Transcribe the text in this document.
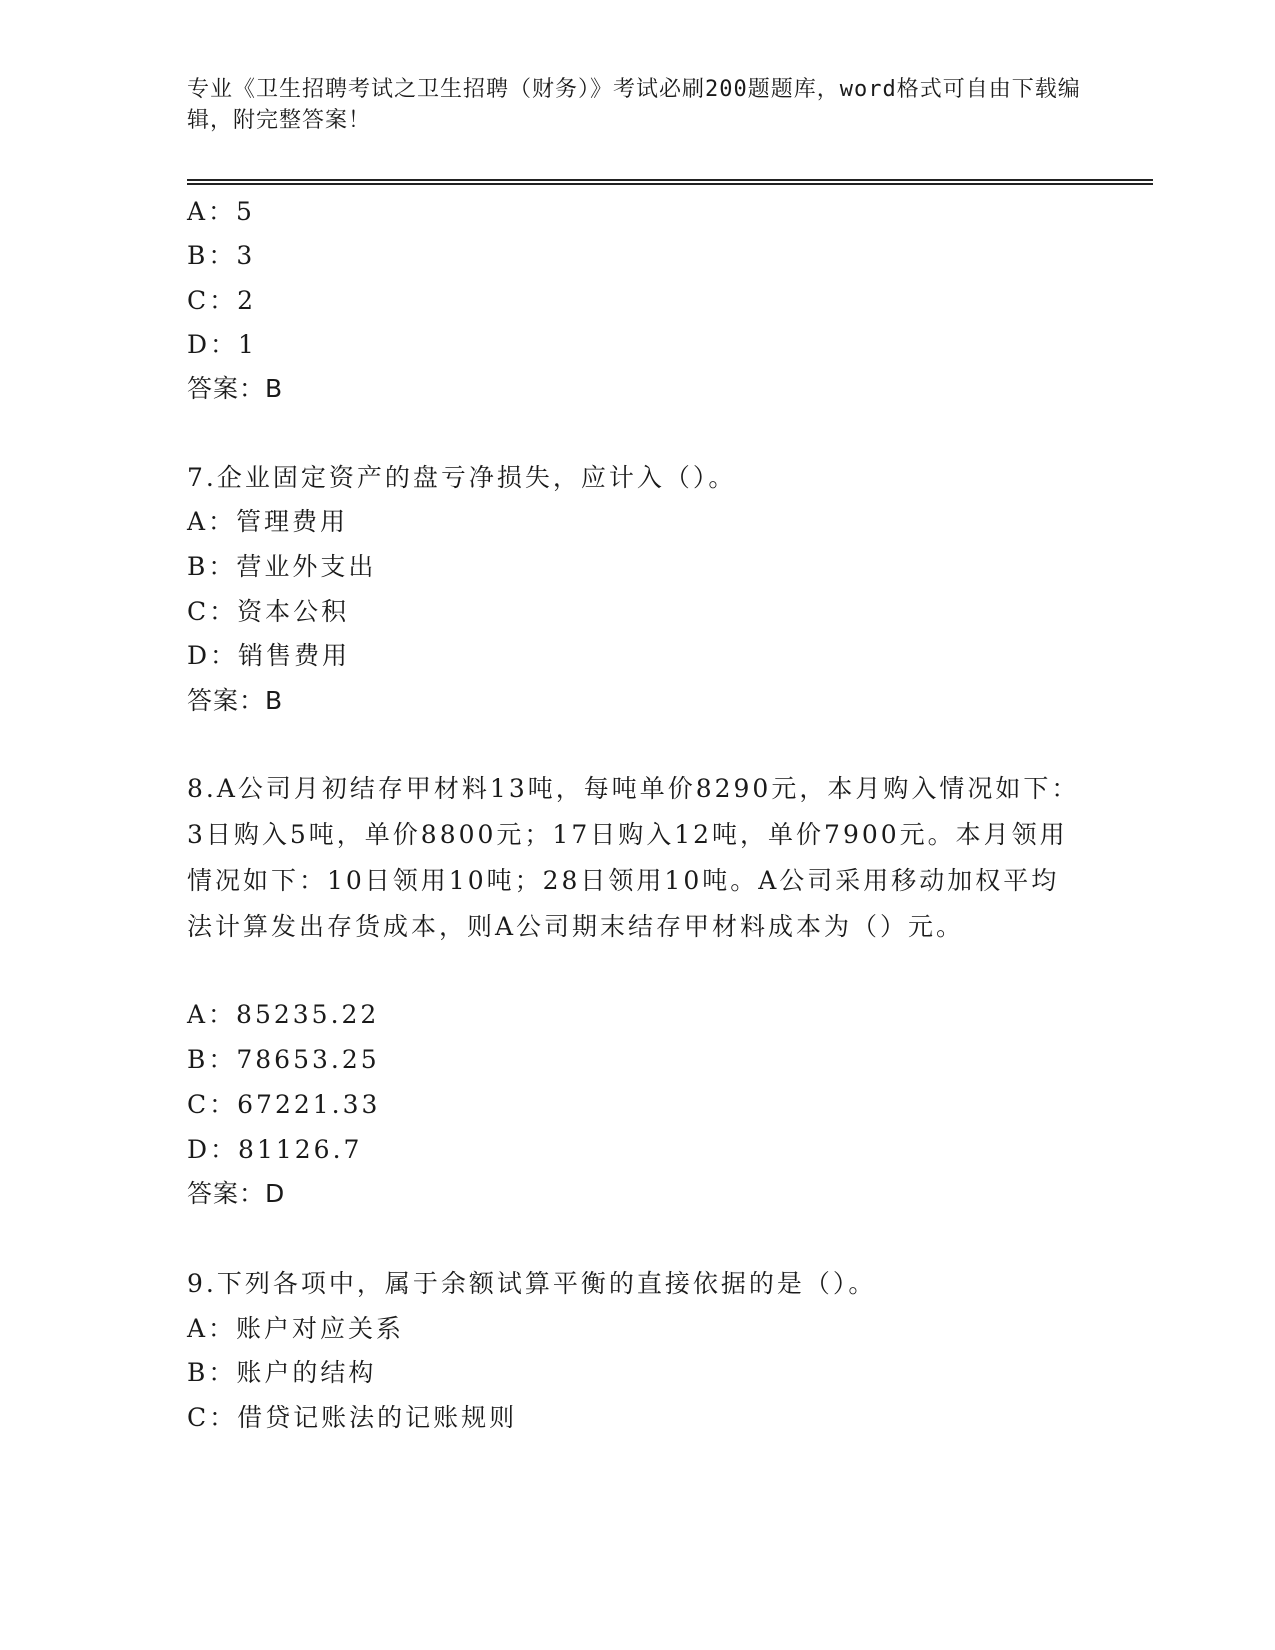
专业《卫生招聘考试之卫生招聘（财务）》考试必刷200题题库，word格式可自由下载编辑，附完整答案！
A：5
B：3
C：2
D：1
答案：B
7.企业固定资产的盘亏净损失，应计入（）。
A：管理费用
B：营业外支出
C：资本公积
D：销售费用
答案：B
8.A公司月初结存甲材料13吨，每吨单价8290元，本月购入情况如下：3日购入5吨，单价8800元；17日购入12吨，单价7900元。本月领用情况如下：10日领用10吨；28日领用10吨。A公司采用移动加权平均法计算发出存货成本，则A公司期末结存甲材料成本为（）元。
A：85235.22
B：78653.25
C：67221.33
D：81126.7
答案：D
9.下列各项中，属于余额试算平衡的直接依据的是（）。
A：账户对应关系
B：账户的结构
C：借贷记账法的记账规则
